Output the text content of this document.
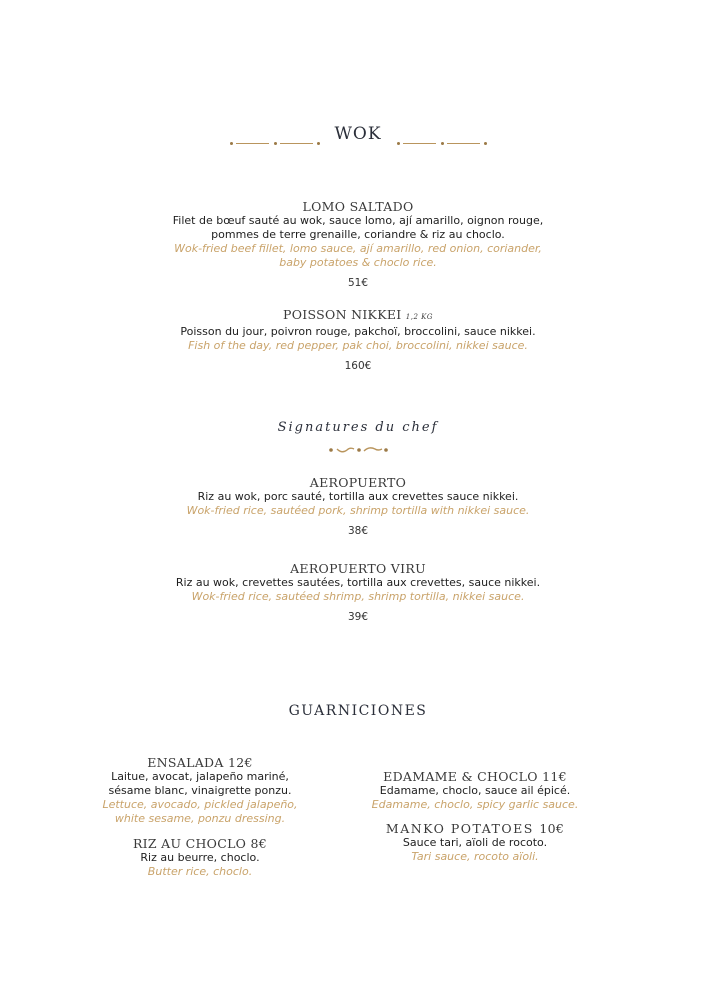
WOK
LOMO SALTADO
Filet de bœuf sauté au wok, sauce lomo, ají amarillo, oignon rouge,
pommes de terre grenaille, coriandre & riz au choclo.
Wok-fried beef fillet, lomo sauce, ají amarillo, red onion, coriander,
baby potatoes & choclo rice.
51€
POISSON NIKKEI 1,2 KG
Poisson du jour, poivron rouge, pakchoï, broccolini, sauce nikkei.
Fish of the day, red pepper, pak choi, broccolini, nikkei sauce.
160€
Signatures du chef
AEROPUERTO
Riz au wok, porc sauté, tortilla aux crevettes sauce nikkei.
Wok-fried rice, sautéed pork, shrimp tortilla with nikkei sauce.
38€
AEROPUERTO VIRU
Riz au wok, crevettes sautées, tortilla aux crevettes, sauce nikkei.
Wok-fried rice, sautéed shrimp, shrimp tortilla, nikkei sauce.
39€
GUARNICIONES
ENSALADA 12€
Laitue, avocat, jalapeño mariné,
sésame blanc, vinaigrette ponzu.
Lettuce, avocado, pickled jalapeño,
white sesame, ponzu dressing.
RIZ AU CHOCLO 8€
Riz au beurre, choclo.
Butter rice, choclo.
EDAMAME & CHOCLO 11€
Edamame, choclo, sauce ail épicé.
Edamame, choclo, spicy garlic sauce.
MANKO POTATOES 10€
Sauce tari, aïoli de rocoto.
Tari sauce, rocoto aïoli.
